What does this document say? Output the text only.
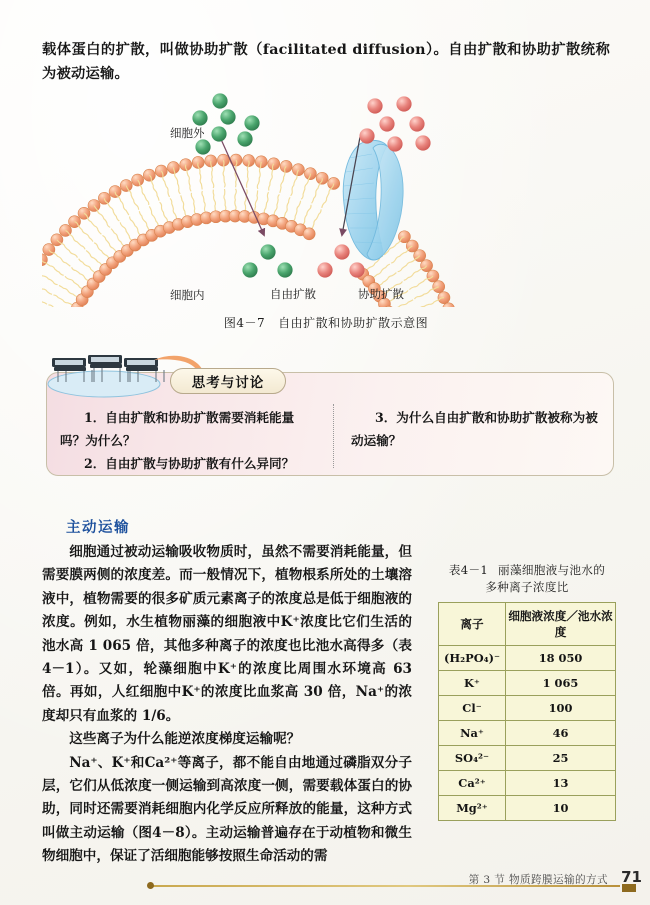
载体蛋白的扩散，叫做协助扩散（facilitated diffusion）。自由扩散和协助扩散统称为被动运输。
细胞外
细胞内	自由扩散	协助扩散
图4－7 自由扩散和协助扩散示意图
思考与讨论
1．自由扩散和协助扩散需要消耗能量吗？为什么？
2．自由扩散与协助扩散有什么异同？
3．为什么自由扩散和协助扩散被称为被动运输？
主动运输

细胞通过被动运输吸收物质时，虽然不需要消耗能量，但需要膜两侧的浓度差。而一般情况下，植物根系所处的土壤溶液中，植物需要的很多矿质元素离子的浓度总是低于细胞液的浓度。例如，水生植物丽藻的细胞液中K⁺浓度比它们生活的池水高 1 065 倍，其他多种离子的浓度也比池水高得多（表4－1）。又如，轮藻细胞中K⁺的浓度比周围水环境高 63 倍。再如，人红细胞中K⁺的浓度比血浆高 30 倍，Na⁺的浓度却只有血浆的 1/6。

这些离子为什么能逆浓度梯度运输呢？

Na⁺、K⁺和Ca²⁺等离子，都不能自由地通过磷脂双分子层，它们从低浓度一侧运输到高浓度一侧，需要载体蛋白的协助，同时还需要消耗细胞内化学反应所释放的能量，这种方式叫做主动运输（图4－8）。主动运输普遍存在于动植物和微生物细胞中，保证了活细胞能够按照生命活动的需

表4－1 丽藻细胞液与池水的
多种离子浓度比
离子	细胞液浓度／池水浓度
(H₂PO₄)⁻	18 050
K⁺	1 065
Cl⁻	100
Na⁺	46
SO₄²⁻	25
Ca²⁺	13
Mg²⁺	10
第 3 节 物质跨膜运输的方式 71
